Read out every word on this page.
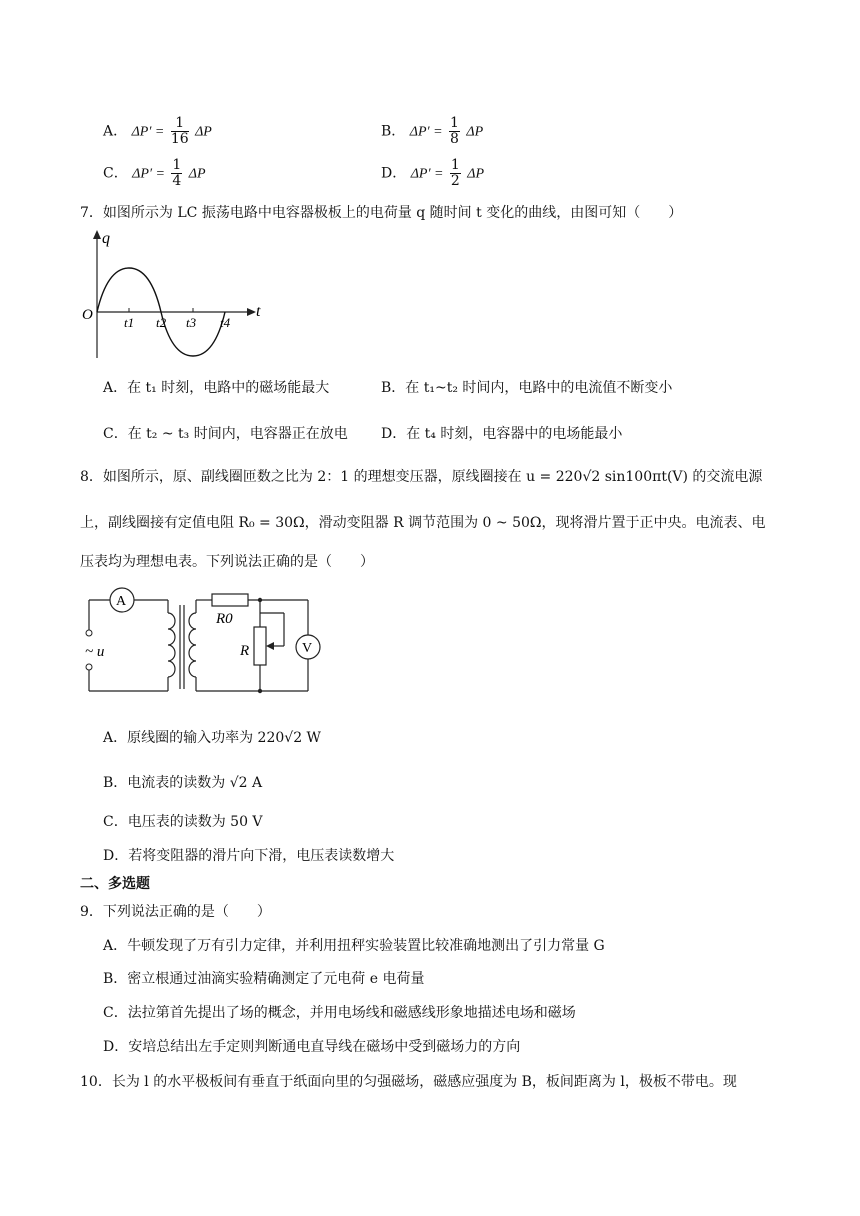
A． $\Delta P' = \frac{1}{16}$ ΔP	B． $\Delta P' = \frac{1}{8}$ ΔP
C． $\Delta P' = \frac{1}{4}$ ΔP	D． $\Delta P' = \frac{1}{2}$ ΔP
7．如图所示为 LC 振荡电路中电容器极板上的电荷量 q 随时间 t 变化的曲线，由图可知（　　）
q
t
O t1 t2 t3 t4
A．在 t₁ 时刻，电路中的磁场能最大	B．在 t₁~t₂ 时间内，电路中的电流值不断变小
C．在 t₂ ~ t₃ 时间内，电容器正在放电 D．在 t₄ 时刻，电容器中的电场能最小
8．如图所示，原、副线圈匝数之比为 2：1 的理想变压器，原线圈接在 u = 220√2 sin100πt(V) 的交流电源
上，副线圈接有定值电阻 R₀ = 30Ω，滑动变阻器 R 调节范围为 0 ~ 50Ω，现将滑片置于正中央。电流表、电
压表均为理想电表。下列说法正确的是（　　）
A
~ u
R0
R	V
A．原线圈的输入功率为 220√2 W
B．电流表的读数为 √2 A
C．电压表的读数为 50 V
D．若将变阻器的滑片向下滑，电压表读数增大
二、多选题
9．下列说法正确的是（　　）
A．牛顿发现了万有引力定律，并利用扭秤实验装置比较准确地测出了引力常量 G
B．密立根通过油滴实验精确测定了元电荷 e 电荷量
C．法拉第首先提出了场的概念，并用电场线和磁感线形象地描述电场和磁场
D．安培总结出左手定则判断通电直导线在磁场中受到磁场力的方向
10．长为 l 的水平极板间有垂直于纸面向里的匀强磁场，磁感应强度为 B，板间距离为 l，极板不带电。现
